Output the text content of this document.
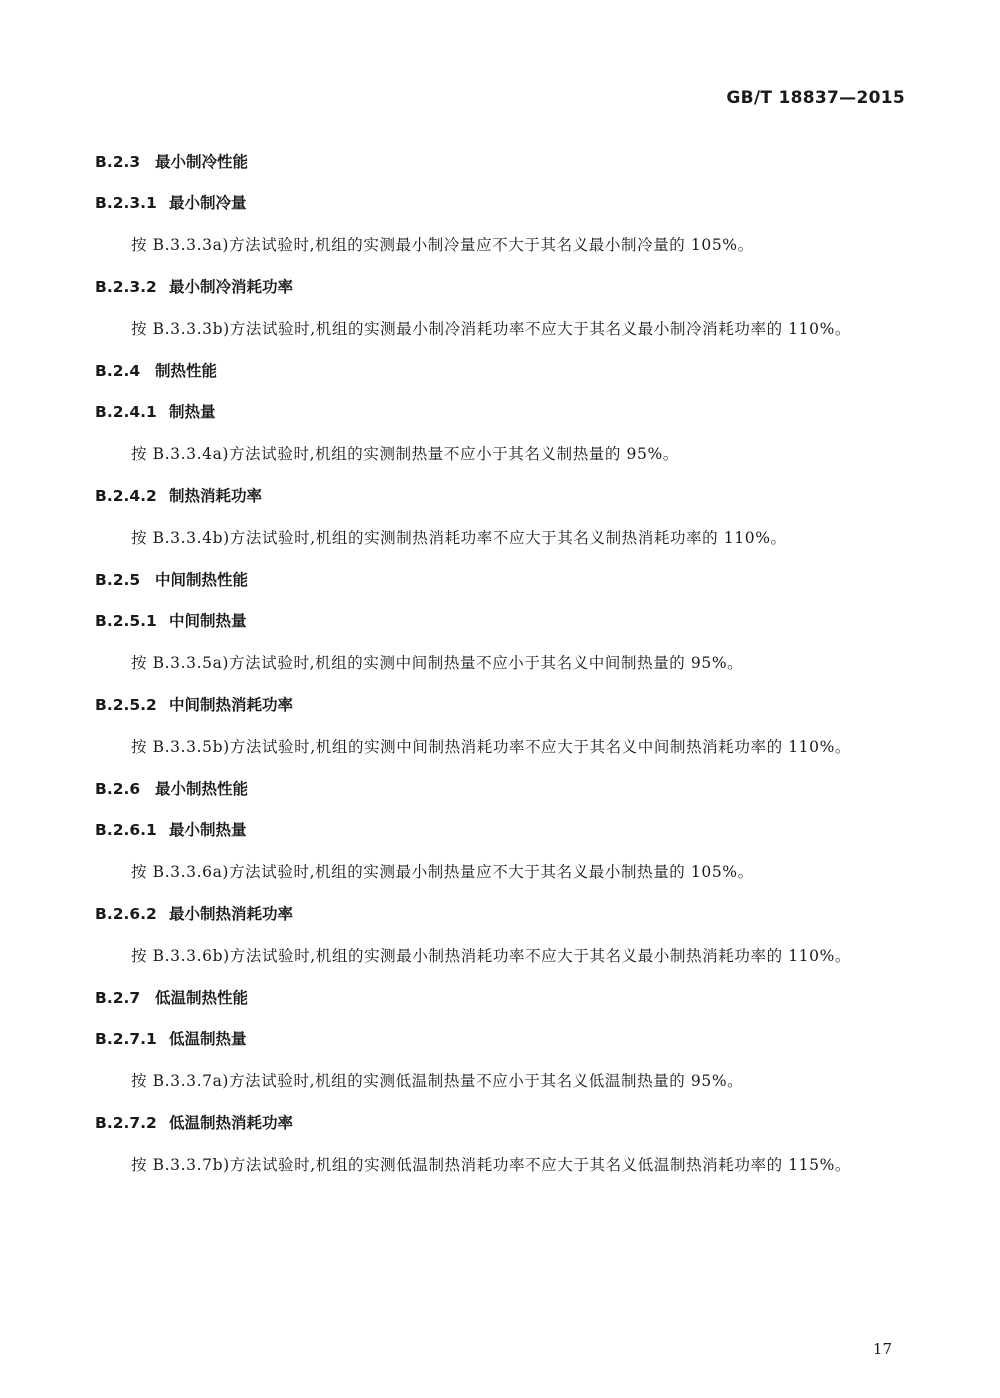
GB/T 18837—2015
B.2.3 最小制冷性能
B.2.3.1 最小制冷量

按 B.3.3.3a)方法试验时,机组的实测最小制冷量应不大于其名义最小制冷量的 105%。

B.2.3.2 最小制冷消耗功率

按 B.3.3.3b)方法试验时,机组的实测最小制冷消耗功率不应大于其名义最小制冷消耗功率的 110%。

B.2.4 制热性能
B.2.4.1 制热量

按 B.3.3.4a)方法试验时,机组的实测制热量不应小于其名义制热量的 95%。

B.2.4.2 制热消耗功率

按 B.3.3.4b)方法试验时,机组的实测制热消耗功率不应大于其名义制热消耗功率的 110%。

B.2.5 中间制热性能
B.2.5.1 中间制热量

按 B.3.3.5a)方法试验时,机组的实测中间制热量不应小于其名义中间制热量的 95%。

B.2.5.2 中间制热消耗功率

按 B.3.3.5b)方法试验时,机组的实测中间制热消耗功率不应大于其名义中间制热消耗功率的 110%。

B.2.6 最小制热性能
B.2.6.1 最小制热量

按 B.3.3.6a)方法试验时,机组的实测最小制热量应不大于其名义最小制热量的 105%。

B.2.6.2 最小制热消耗功率

按 B.3.3.6b)方法试验时,机组的实测最小制热消耗功率不应大于其名义最小制热消耗功率的 110%。

B.2.7 低温制热性能
B.2.7.1 低温制热量

按 B.3.3.7a)方法试验时,机组的实测低温制热量不应小于其名义低温制热量的 95%。

B.2.7.2 低温制热消耗功率

按 B.3.3.7b)方法试验时,机组的实测低温制热消耗功率不应大于其名义低温制热消耗功率的 115%。

17
